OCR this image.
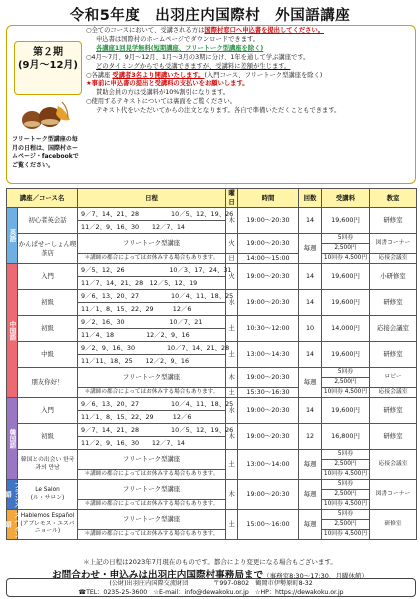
令和5年度　出羽庄内国際村　外国語講座
第２期
(9月～12月)
フリートーク型講座の毎月の日程は、国際村ホームページ・facebookでご覧ください。
○全てのコースにおいて、受講される方は国際村窓口へ申込書を提出してください。
申込書は国際村のホームページでダウンロードできます。
各講座1回見学無料(短期講座、フリートーク型講座を除く)
○4月～7月、9月～12月、1月～3月の3期に分け、1年を通して学ぶ講座です。
どのタイミングからでも受講できますが、受講料に差額が生じます。
○各講座 受講者3名より開講いたします。(入門コース、フリートーク型講座を除く)
★事前に申込書の提出と受講料の支払いをお願いします。
賛助会員の方は受講料が10%割引になります。
○使用するテキストについては裏面をご覧ください。
テキスト代をいただいてからの注文となります。各自で準備いただくこともできます。
講座／コース名		日程	曜日	時間	回数	受講料	教室
英語	初心者英会話	9／7、14、21、28　　　　　10／5、12、19、26	木	19:00～20:30	14	19,600円	研修室
		11／2、9、16、30　　12／7、14					
	かんぱせーしょん喫茶店	フリートーク型講座	火	19:00～20:30	毎週	5回券	図書コーナー
						2,500円	
		＊講師の都合によってはお休みする場合もあります。	日	14:00～15:00		10回券 4,500円	応接会議室
中国語	入門	9／5、12、26　　　　　　　10／3、17、24、31	火	19:00～20:30	14	19,600円	小研修室
		11／7、14、21、28　12／5、12、19					
	初級	9／6、13、20、27　　　　　10／4、11、18、25	水	19:00～20:30	14	19,600円	研修室
		11／1、8、15、22、29　　　12／6					
	初級	9／2、16、30　　　　　　　10／7、21	土	10:30～12:00	10	14,000円	応接会議室
		11／4、18　　　　　12／2、9、16					
	中級	9／2、9、16、30　　　　　10／7、14、21、28	土	13:00～14:30	14	19,600円	研修室
		11／11、18、25　　12／2、9、16					
	朋友你好！	フリートーク型講座	木	19:00～20:30	毎週	5回券	ロビー
						2,500円	
		＊講師の都合によってはお休みする場合もあります。	土	15:30～16:30		10回券 4,500円	応接会議室
韓国語	入門	9／6、13、20、27　　　　　10／4、11、18、25	水	19:00～20:30	14	19,600円	研修室
		11／1、8、15、22、29　　　12／6					
	初級	9／7、14、21、28　　　　　10／5、12、19、26	木	19:00～20:30	12	16,800円	研修室
		11／2、9、16、30　　12／7、14					
	韓国との出会い 한국과의 만남	フリートーク型講座	土	13:00～14:00	毎週	5回券	応接会議室
						2,500円	
		＊講師の都合によってはお休みする場合もあります。				10回券 4,500円	
フランス語	Le Salon
(ル・サロン)	フリートーク型講座	木	19:00～20:30	毎週	5回券	図書コーナー
						2,500円	
		＊講師の都合によってはお休みする場合もあります。				10回券 4,500円	
スペイン語	Hablemos Español
(アブレモス・エスパニョール)	フリートーク型講座	土	15:00～16:00	毎週	5回券	研修室
						2,500円	
		＊講師の都合によってはお休みする場合もあります。				10回券 4,500円	
＊上記の日程は2023年7月現在のものです。都合により変更になる場合もございます。
お問合わせ・申込みは出羽庄内国際村事務局まで（事務室8:30～17:30、月曜休館）
(公財)出羽庄内国際交流財団　　　　〒997-0802　鶴岡市伊勢原町8-32
☎TEL：0235-25-3600　☆E-mail：info@dewakoku.or.jp　☆HP：https://dewakoku.or.jp
